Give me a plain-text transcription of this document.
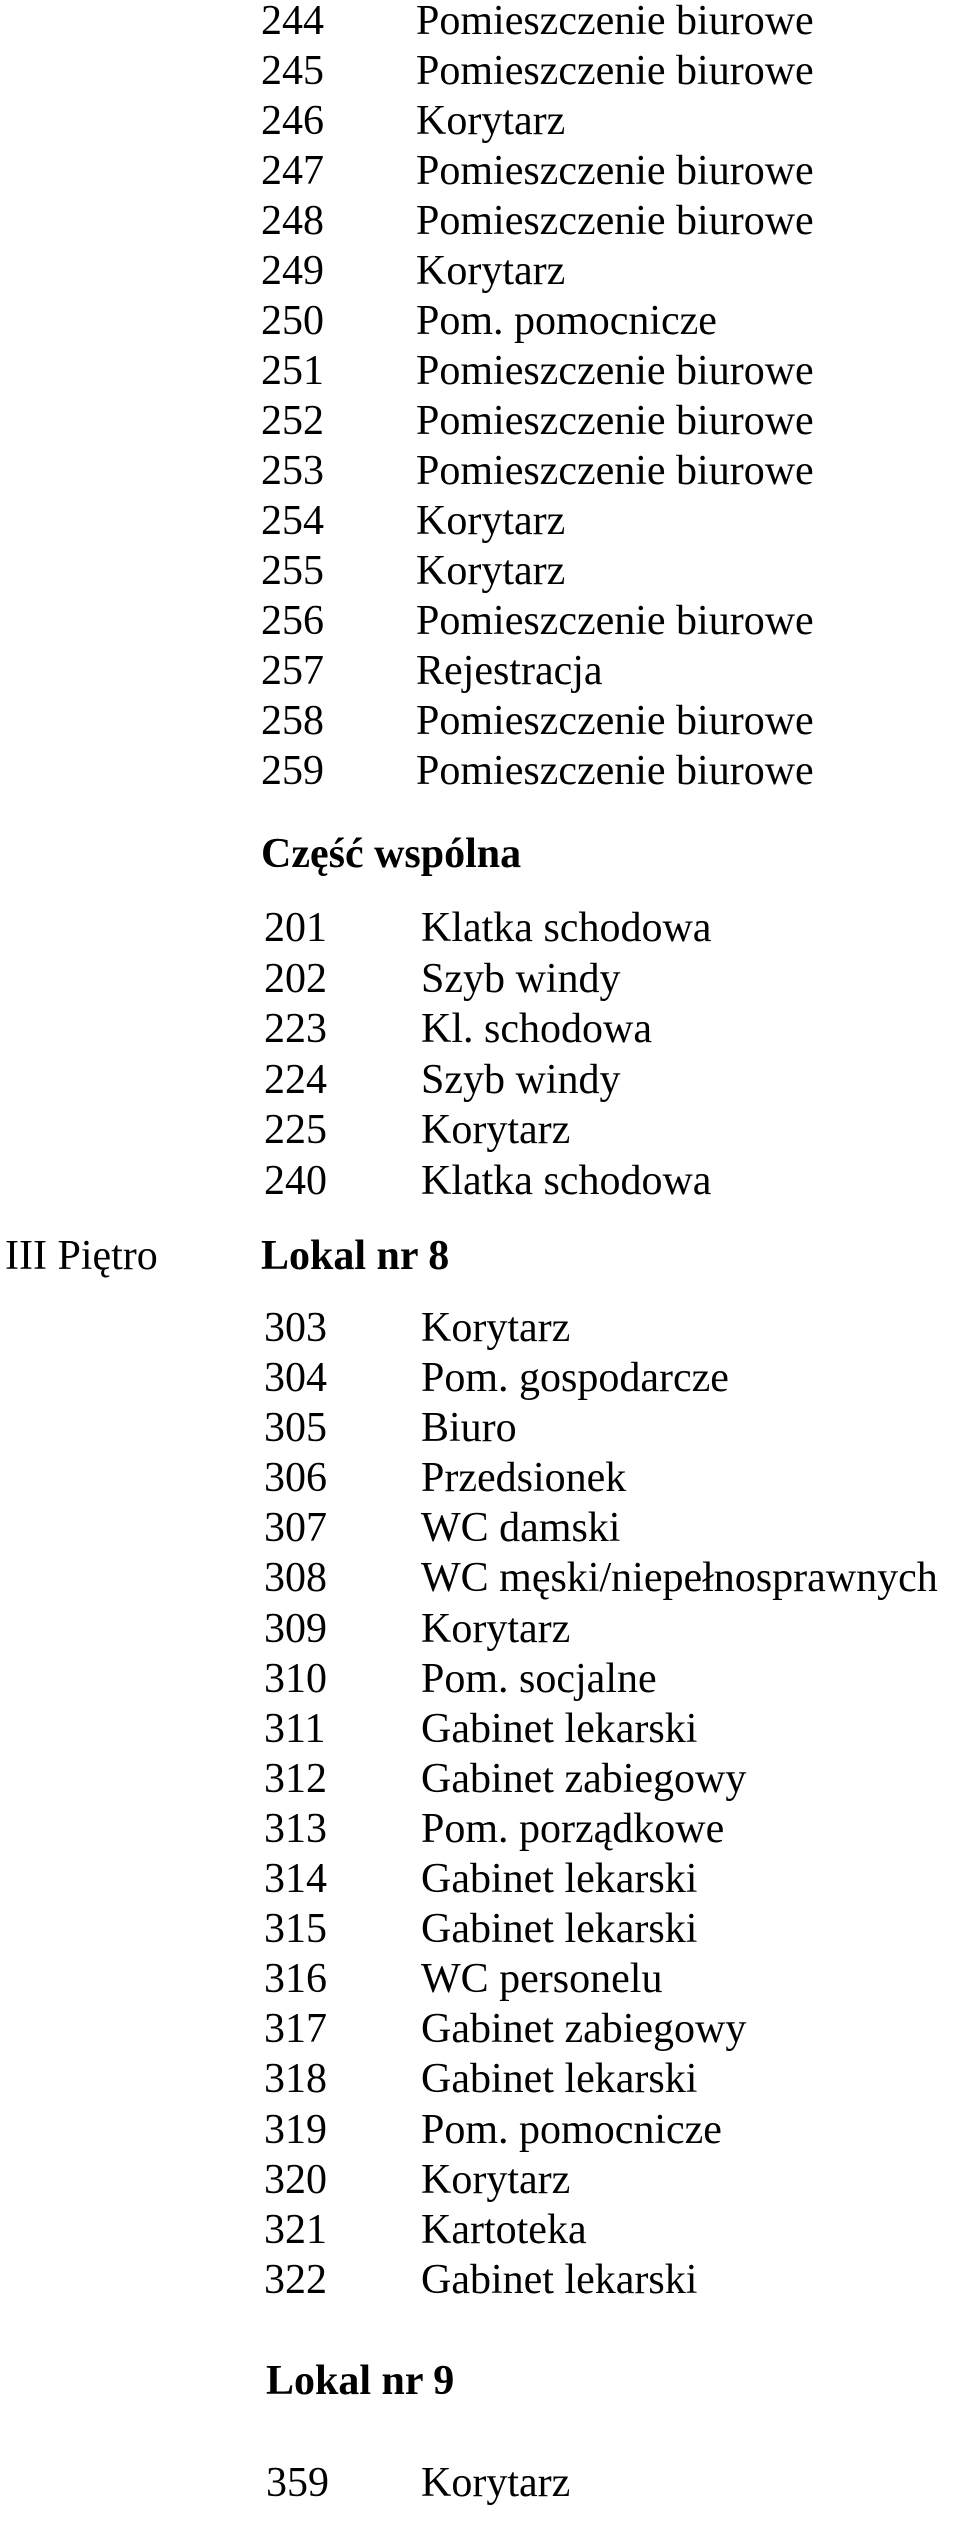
244 Pomieszczenie biurowe
245 Pomieszczenie biurowe
246 Korytarz
247 Pomieszczenie biurowe
248 Pomieszczenie biurowe
249 Korytarz
250 Pom. pomocnicze
251 Pomieszczenie biurowe
252 Pomieszczenie biurowe
253 Pomieszczenie biurowe
254 Korytarz
255 Korytarz
256 Pomieszczenie biurowe
257 Rejestracja
258 Pomieszczenie biurowe
259 Pomieszczenie biurowe
Część wspólna
201 Klatka schodowa
202 Szyb windy
223 Kl. schodowa
224 Szyb windy
225 Korytarz
240 Klatka schodowa
III Piętro Lokal nr 8
303 Korytarz
304 Pom. gospodarcze
305 Biuro
306 Przedsionek
307 WC damski
308 WC męski/niepełnosprawnych
309 Korytarz
310 Pom. socjalne
311 Gabinet lekarski
312 Gabinet zabiegowy
313 Pom. porządkowe
314 Gabinet lekarski
315 Gabinet lekarski
316 WC personelu
317 Gabinet zabiegowy
318 Gabinet lekarski
319 Pom. pomocnicze
320 Korytarz
321 Kartoteka
322 Gabinet lekarski
Lokal nr 9
359 Korytarz
